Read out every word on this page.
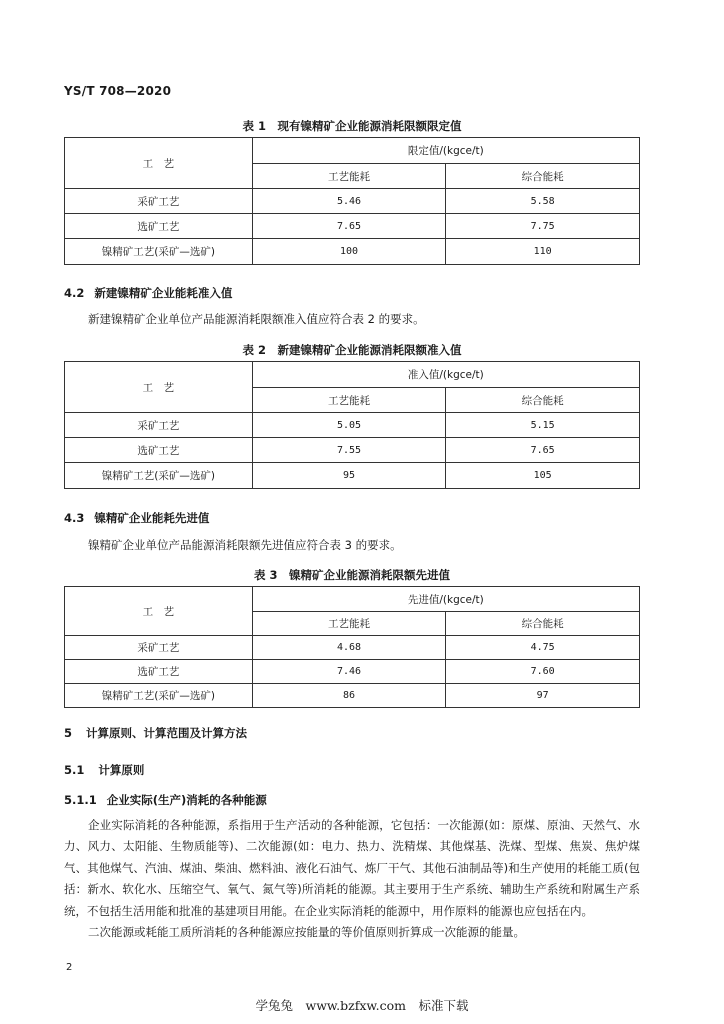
YS/T 708—2020
表 1　现有镍精矿企业能源消耗限额限定值
工　艺	限定值/(kgce/t)	
	工艺能耗	综合能耗
采矿工艺	5.46	5.58
选矿工艺	7.65	7.75
镍精矿工艺(采矿—选矿)	100	110
4.2 新建镍精矿企业能耗准入值

新建镍精矿企业单位产品能源消耗限额准入值应符合表 2 的要求。

表 2　新建镍精矿企业能源消耗限额准入值
工　艺	准入值/(kgce/t)	
	工艺能耗	综合能耗
采矿工艺	5.05	5.15
选矿工艺	7.55	7.65
镍精矿工艺(采矿—选矿)	95	105
4.3 镍精矿企业能耗先进值

镍精矿企业单位产品能源消耗限额先进值应符合表 3 的要求。

表 3　镍精矿企业能源消耗限额先进值
工　艺	先进值/(kgce/t)	
	工艺能耗	综合能耗
采矿工艺	4.68	4.75
选矿工艺	7.46	7.60
镍精矿工艺(采矿—选矿)	86	97
5 计算原则、计算范围及计算方法
5.1 计算原则
5.1.1 企业实际(生产)消耗的各种能源

企业实际消耗的各种能源，系指用于生产活动的各种能源，它包括：一次能源(如：原煤、原油、天然气、水力、风力、太阳能、生物质能等)、二次能源(如：电力、热力、洗精煤、其他煤基、洗煤、型煤、焦炭、焦炉煤气、其他煤气、汽油、煤油、柴油、燃料油、液化石油气、炼厂干气、其他石油制品等)和生产使用的耗能工质(包括：新水、软化水、压缩空气、氧气、氮气等)所消耗的能源。其主要用于生产系统、辅助生产系统和附属生产系统，不包括生活用能和批准的基建项目用能。在企业实际消耗的能源中，用作原料的能源也应包括在内。

二次能源或耗能工质所消耗的各种能源应按能量的等价值原则折算成一次能源的能量。

2
学兔兔　www.bzfxw.com　标准下载
